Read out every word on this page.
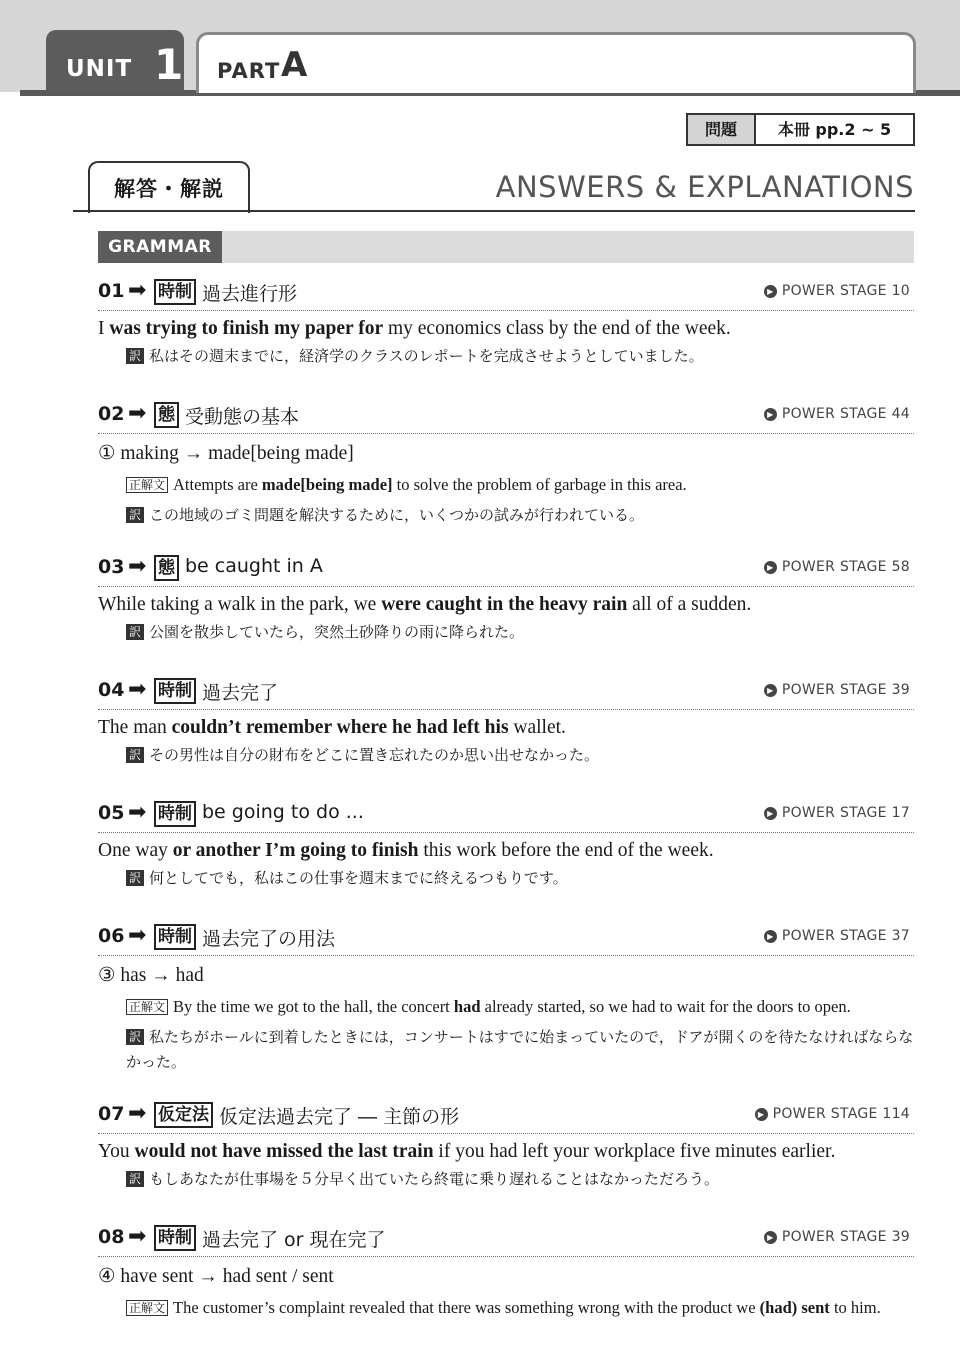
UNIT 1 PART A
問題	本冊 pp.2 ~ 5
解答・解説	ANSWERS & EXPLANATIONS
GRAMMAR
01 ➡ 時制 過去進行形	▶ POWER STAGE 10
I was trying to finish my paper for my economics class by the end of the week.
訳 私はその週末までに，経済学のクラスのレポートを完成させようとしていました。
02 ➡ 態 受動態の基本	▶ POWER STAGE 44
① making → made[being made]
正解文 Attempts are made[being made] to solve the problem of garbage in this area.
訳 この地域のゴミ問題を解決するために，いくつかの試みが行われている。
03 ➡ 態 be caught in A	▶ POWER STAGE 58
While taking a walk in the park, we were caught in the heavy rain all of a sudden.
訳 公園を散歩していたら，突然土砂降りの雨に降られた。
04 ➡ 時制 過去完了	▶ POWER STAGE 39
The man couldn’t remember where he had left his wallet.
訳 その男性は自分の財布をどこに置き忘れたのか思い出せなかった。
05 ➡ 時制 be going to do ...	▶ POWER STAGE 17
One way or another I’m going to finish this work before the end of the week.
訳 何としてでも，私はこの仕事を週末までに終えるつもりです。
06 ➡ 時制 過去完了の用法	▶ POWER STAGE 37
③ has → had
正解文 By the time we got to the hall, the concert had already started, so we had to wait for the doors to open.
訳 私たちがホールに到着したときには，コンサートはすでに始まっていたので，ドアが開くのを待たなければならなかった。
07 ➡ 仮定法 仮定法過去完了 ― 主節の形	▶ POWER STAGE 114
You would not have missed the last train if you had left your workplace five minutes earlier.
訳 もしあなたが仕事場を５分早く出ていたら終電に乗り遅れることはなかっただろう。
08 ➡ 時制 過去完了 or 現在完了	▶ POWER STAGE 39
④ have sent → had sent / sent
正解文 The customer’s complaint revealed that there was something wrong with the product we (had) sent to him.
